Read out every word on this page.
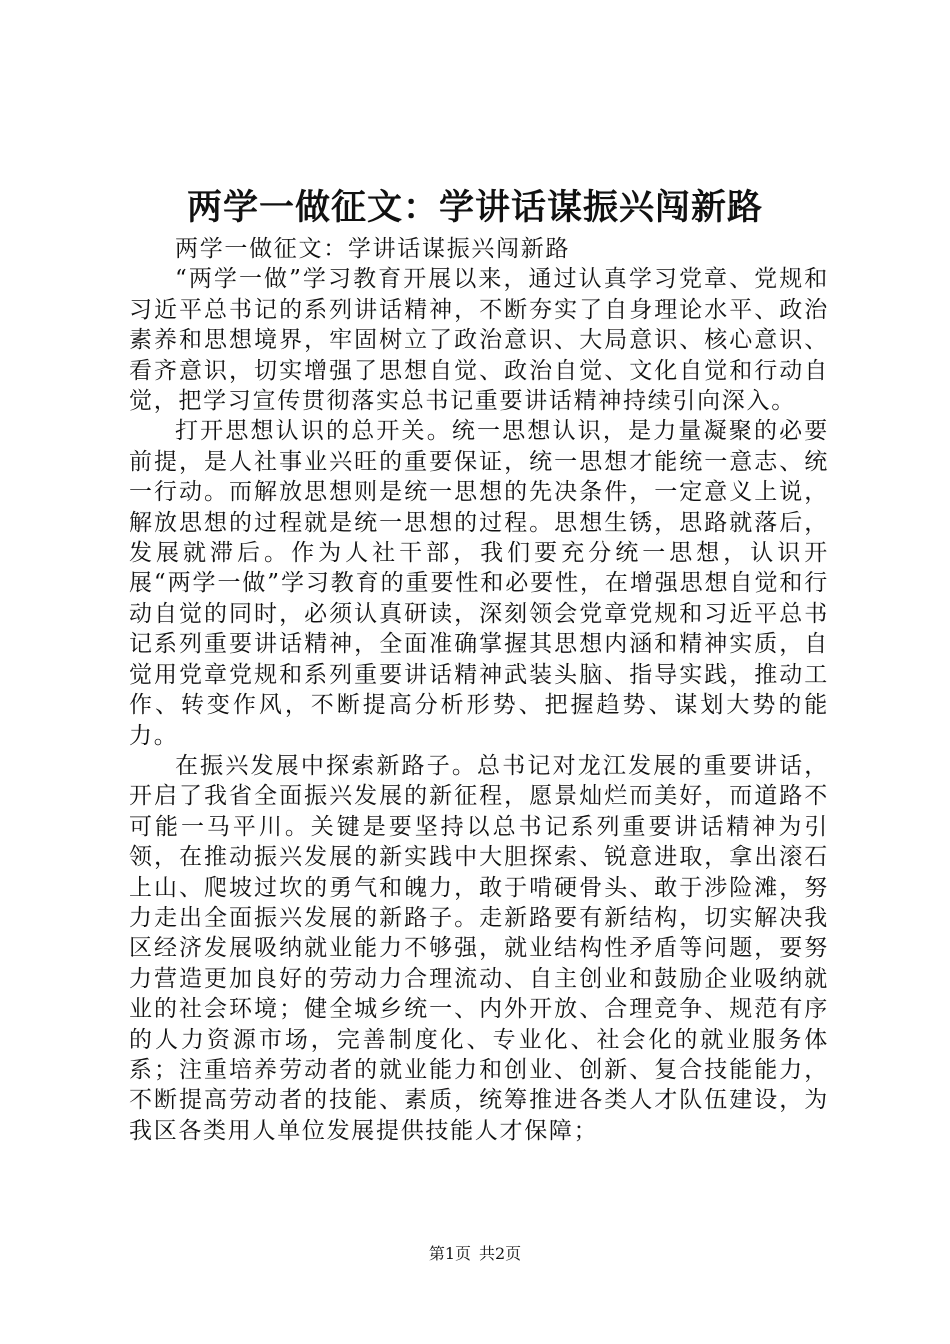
两学一做征文：学讲话谋振兴闯新路

两学一做征文：学讲话谋振兴闯新路

“两学一做”学习教育开展以来，通过认真学习党章、党规和习近平总书记的系列讲话精神，不断夯实了自身理论水平、政治素养和思想境界，牢固树立了政治意识、大局意识、核心意识、看齐意识，切实增强了思想自觉、政治自觉、文化自觉和行动自觉，把学习宣传贯彻落实总书记重要讲话精神持续引向深入。

打开思想认识的总开关。统一思想认识，是力量凝聚的必要前提，是人社事业兴旺的重要保证，统一思想才能统一意志、统一行动。而解放思想则是统一思想的先决条件，一定意义上说，解放思想的过程就是统一思想的过程。思想生锈，思路就落后，发展就滞后。作为人社干部，我们要充分统一思想，认识开展“两学一做”学习教育的重要性和必要性，在增强思想自觉和行动自觉的同时，必须认真研读，深刻领会党章党规和习近平总书记系列重要讲话精神，全面准确掌握其思想内涵和精神实质，自觉用党章党规和系列重要讲话精神武装头脑、指导实践，推动工作、转变作风，不断提高分析形势、把握趋势、谋划大势的能力。

在振兴发展中探索新路子。总书记对龙江发展的重要讲话，开启了我省全面振兴发展的新征程，愿景灿烂而美好，而道路不可能一马平川。关键是要坚持以总书记系列重要讲话精神为引领，在推动振兴发展的新实践中大胆探索、锐意进取，拿出滚石上山、爬坡过坎的勇气和魄力，敢于啃硬骨头、敢于涉险滩，努力走出全面振兴发展的新路子。走新路要有新结构，切实解决我区经济发展吸纳就业能力不够强，就业结构性矛盾等问题，要努力营造更加良好的劳动力合理流动、自主创业和鼓励企业吸纳就业的社会环境；健全城乡统一、内外开放、合理竞争、规范有序的人力资源市场，完善制度化、专业化、社会化的就业服务体系；注重培养劳动者的就业能力和创业、创新、复合技能能力，不断提高劳动者的技能、素质，统筹推进各类人才队伍建设，为我区各类用人单位发展提供技能人才保障；

第1页 共2页
